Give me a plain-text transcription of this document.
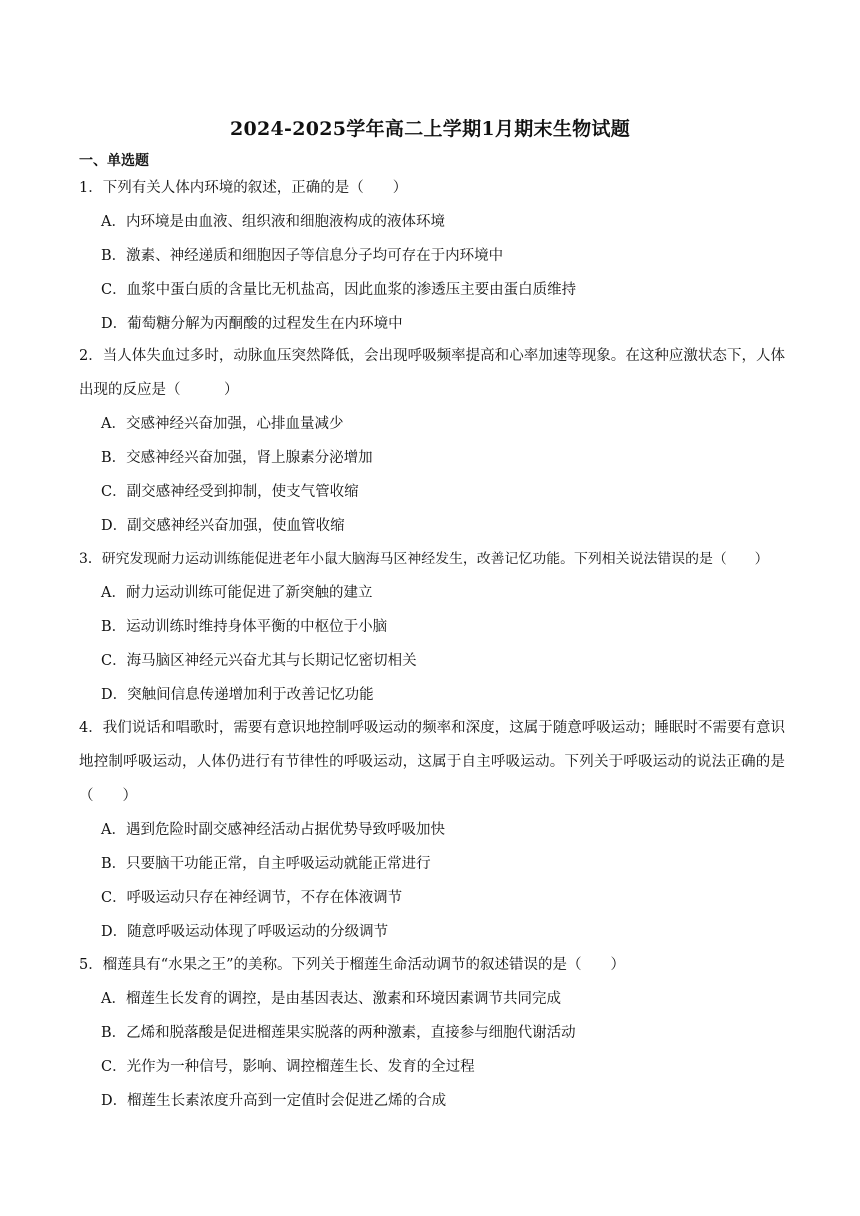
2024-2025学年高二上学期1月期末生物试题
一、单选题
1．下列有关人体内环境的叙述，正确的是（　　）
A．内环境是由血液、组织液和细胞液构成的液体环境
B．激素、神经递质和细胞因子等信息分子均可存在于内环境中
C．血浆中蛋白质的含量比无机盐高，因此血浆的渗透压主要由蛋白质维持
D．葡萄糖分解为丙酮酸的过程发生在内环境中
2．当人体失血过多时，动脉血压突然降低，会出现呼吸频率提高和心率加速等现象。在这种应激状态下，人体出现的反应是（　　　）
A．交感神经兴奋加强，心排血量减少
B．交感神经兴奋加强，肾上腺素分泌增加
C．副交感神经受到抑制，使支气管收缩
D．副交感神经兴奋加强，使血管收缩
3．研究发现耐力运动训练能促进老年小鼠大脑海马区神经发生，改善记忆功能。下列相关说法错误的是（　　）
A．耐力运动训练可能促进了新突触的建立
B．运动训练时维持身体平衡的中枢位于小脑
C．海马脑区神经元兴奋尤其与长期记忆密切相关
D．突触间信息传递增加利于改善记忆功能
4．我们说话和唱歌时，需要有意识地控制呼吸运动的频率和深度，这属于随意呼吸运动；睡眠时不需要有意识地控制呼吸运动，人体仍进行有节律性的呼吸运动，这属于自主呼吸运动。下列关于呼吸运动的说法正确的是（　　）
A．遇到危险时副交感神经活动占据优势导致呼吸加快
B．只要脑干功能正常，自主呼吸运动就能正常进行
C．呼吸运动只存在神经调节，不存在体液调节
D．随意呼吸运动体现了呼吸运动的分级调节
5．榴莲具有“水果之王”的美称。下列关于榴莲生命活动调节的叙述错误的是（　　）
A．榴莲生长发育的调控，是由基因表达、激素和环境因素调节共同完成
B．乙烯和脱落酸是促进榴莲果实脱落的两种激素，直接参与细胞代谢活动
C．光作为一种信号，影响、调控榴莲生长、发育的全过程
D．榴莲生长素浓度升高到一定值时会促进乙烯的合成
